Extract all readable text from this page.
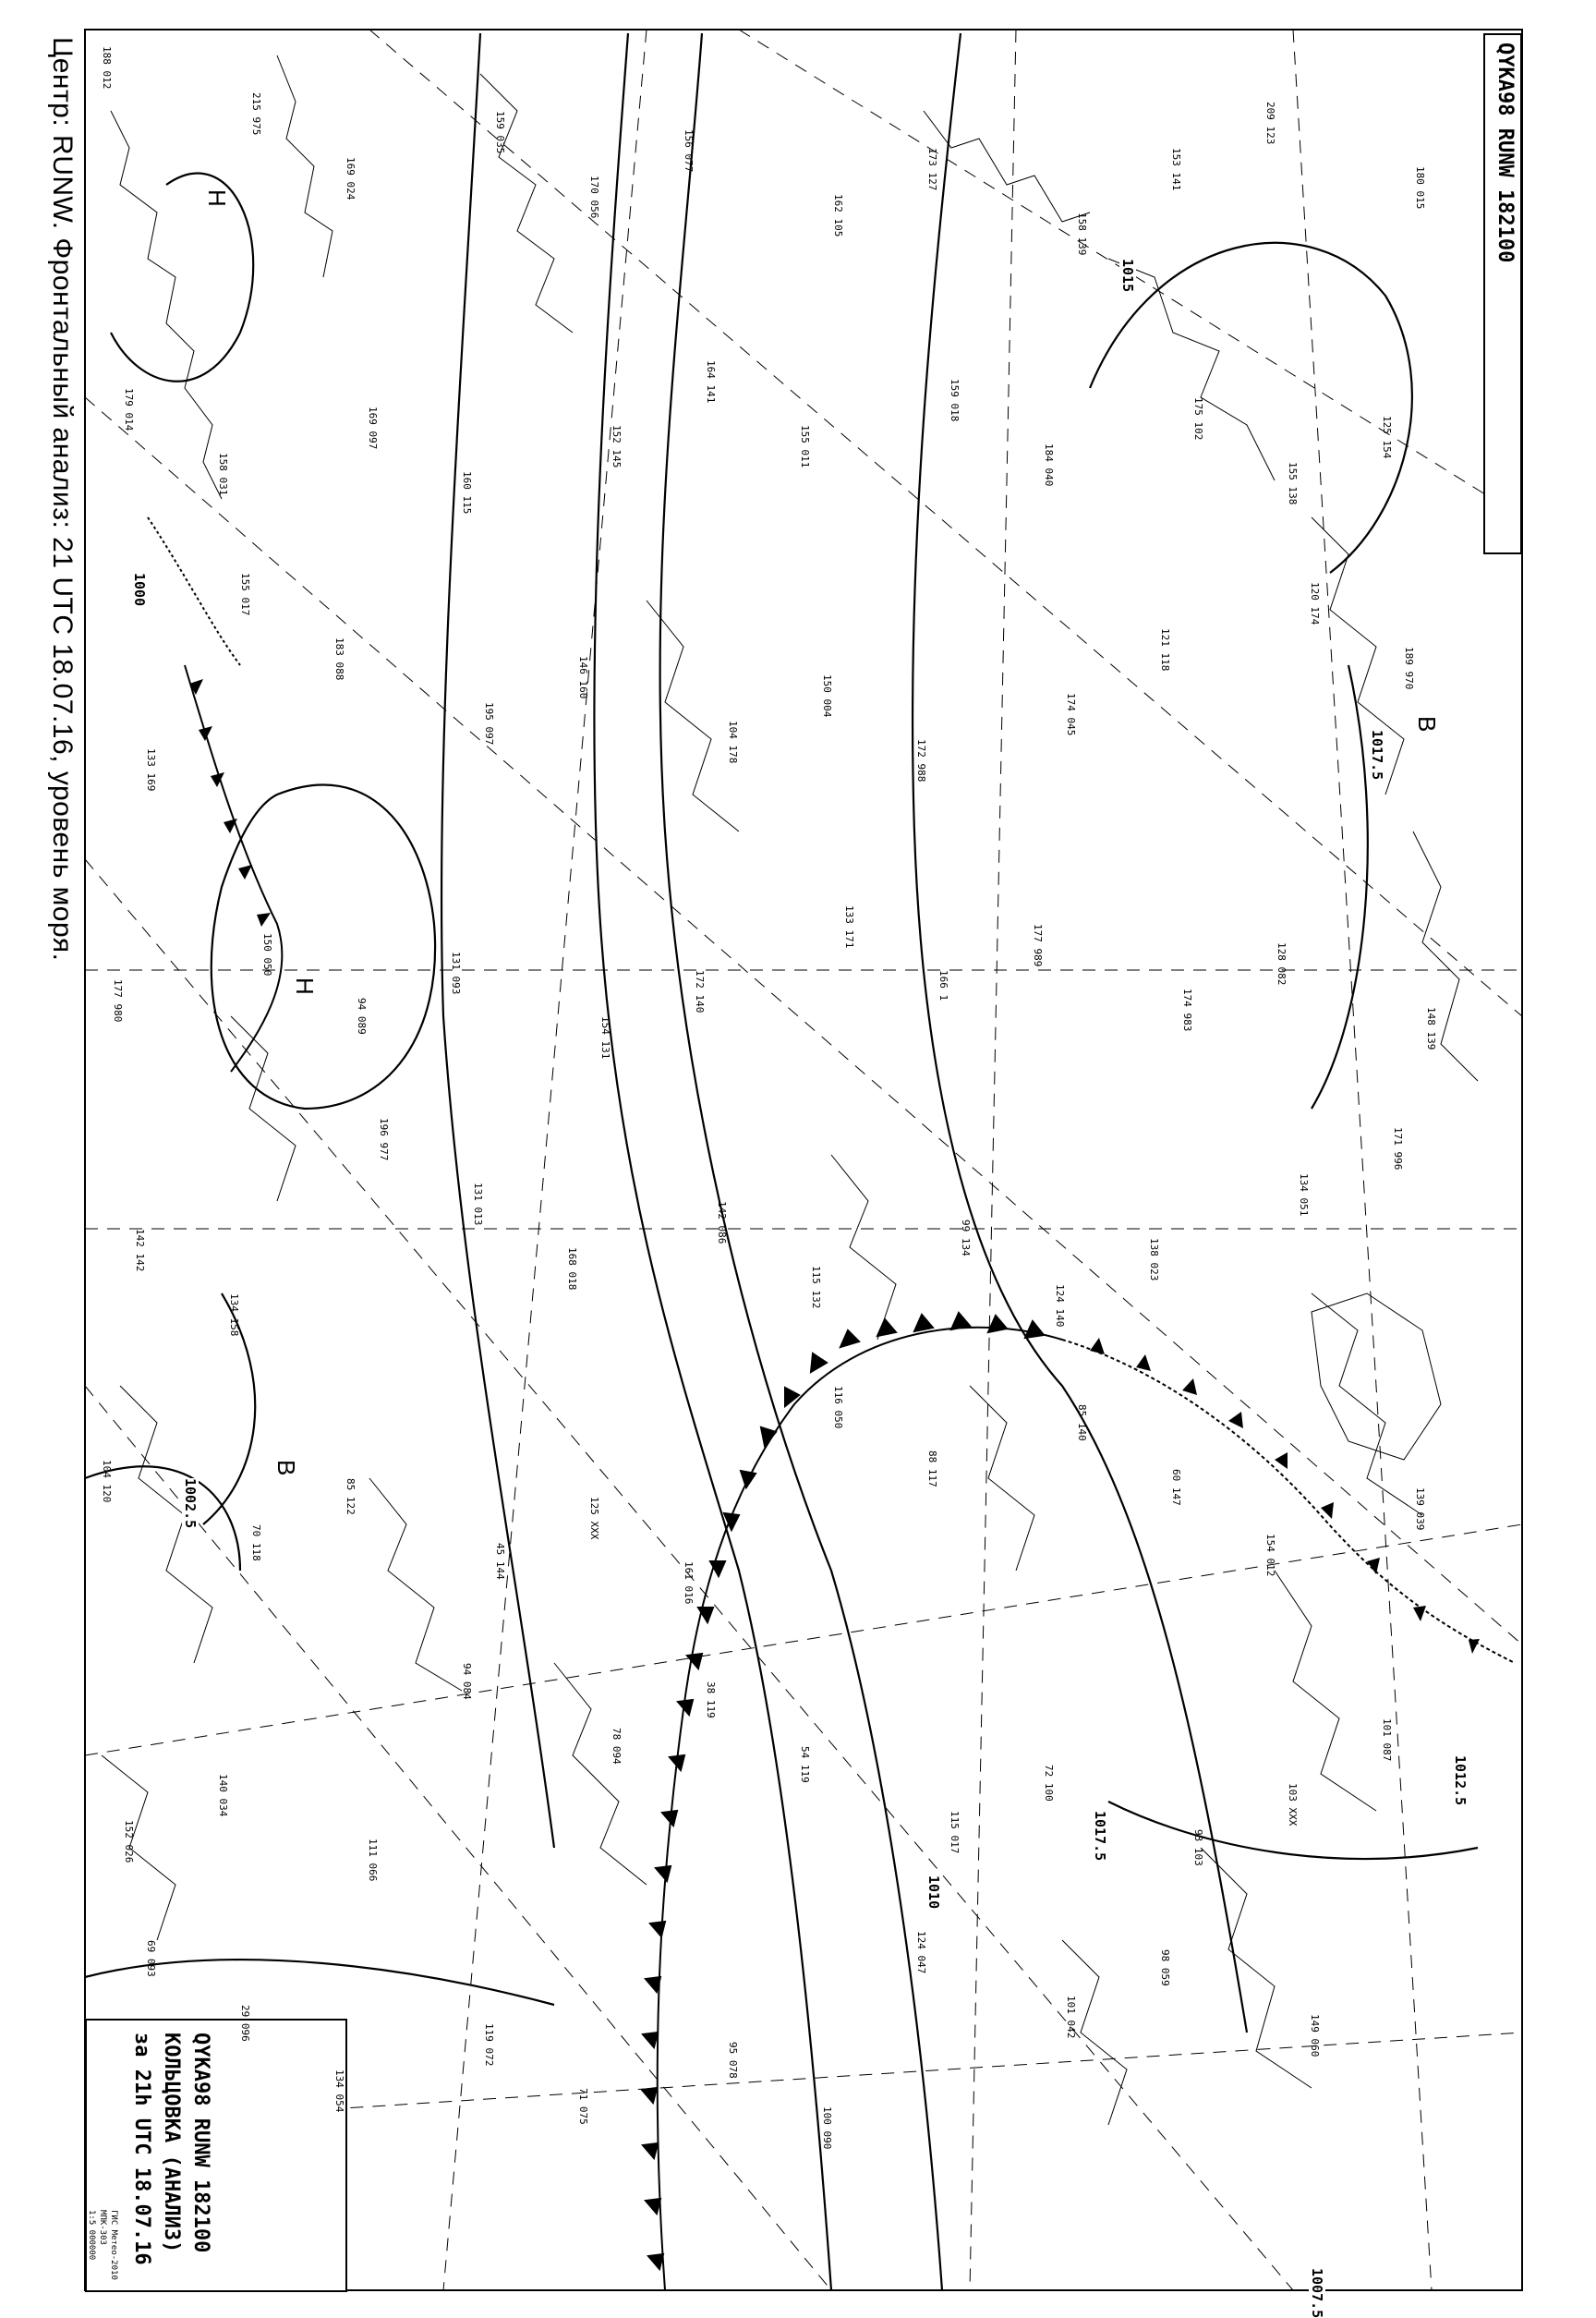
Центр: RUNW. Фронтальный анализ: 21 UTC 18.07.16, уровень моря.	QYKA98 RUNW 182100
QYKA98 RUNW 182100
КОЛЬЦОВКА (АНАЛИЗ)
за 21h UTC 18.07.16
ГИС Метео-2010
MПK-303
1:5 000000
1015
1017.5
1000
1002.5
1010
1012.5
1017.5
1007.5
Н
Н
В
В
188 012
215 975
169 024
159 035
170 056
156 077
162 105
173 127
158 139
153 141
209 123
180 015
179 014
158 031
169 097
160 115
152 145
164 141
155 011
159 018
184 040
175 102
155 138
125 154
133 169
155 017
183 088
195 097
146 160
104 178
150 004
172 988
174 045
121 118
120 174
189 970
177 980
150 050
94 089
131 093
154 131
172 140
133 171
166 1
177 989
174 983
128 082
148 139
142 142
134 158
196 977
131 013
168 018
142 086
115 132
99 134
124 140
138 023
134 051
171 996
104 120
70 118
85 122
45 144
125 XXX
161 016
116 050
88 117
85 140
60 147
154 012
139 039
152 026
140 034
111 066
94 084
78 094
38 119
54 119
115 017
72 100
93 103
103 XXX
101 087
69 093
29 096
134 054
119 072
71 075
95 078
100 090
124 047
101 042
98 059
149 060
